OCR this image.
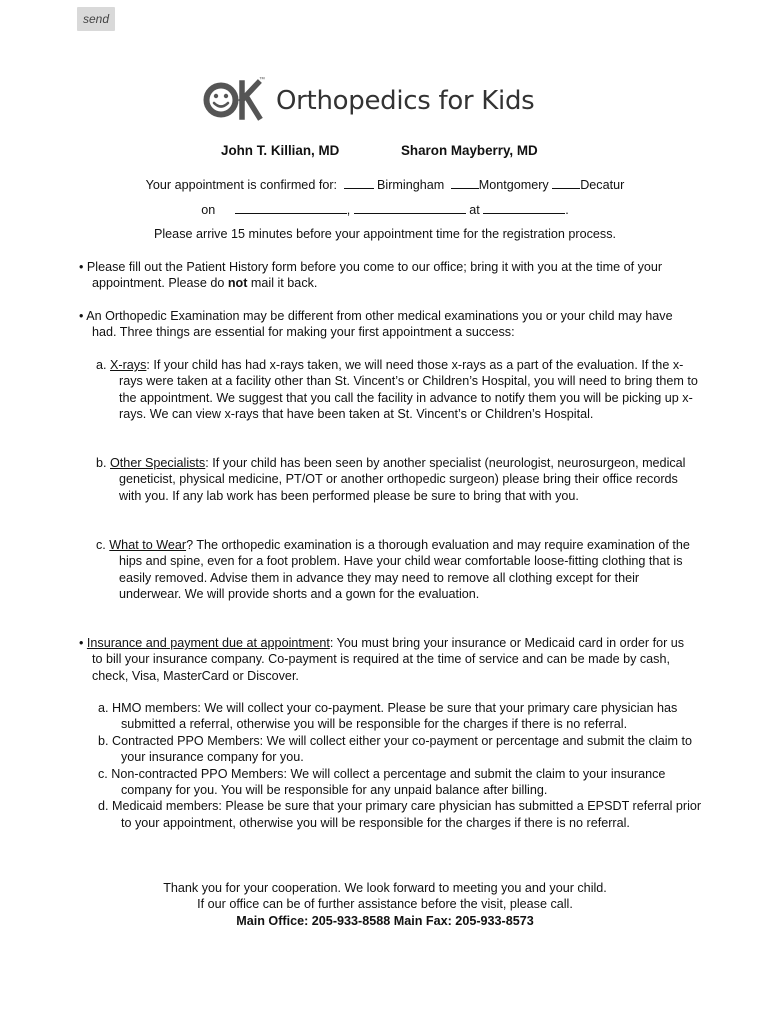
send
™
Orthopedics for Kids
John T. Killian, MD	Sharon Mayberry, MD
Your appointment is confirmed for:	Birmingham	Montgomery	Decatur
on	,	at	.
Please arrive 15 minutes before your appointment time for the registration process.

• Please fill out the Patient History form before you come to our office; bring it with you at the time of your appointment. Please do not mail it back.

• An Orthopedic Examination may be different from other medical examinations you or your child may have had. Three things are essential for making your first appointment a success:

a. X-rays: If your child has had x-rays taken, we will need those x-rays as a part of the evaluation. If the x-rays were taken at a facility other than St. Vincent’s or Children’s Hospital, you will need to bring them to the appointment. We suggest that you call the facility in advance to notify them you will be picking up x-rays. We can view x-rays that have been taken at St. Vincent’s or Children’s Hospital.

b. Other Specialists: If your child has been seen by another specialist (neurologist, neurosurgeon, medical geneticist, physical medicine, PT/OT or another orthopedic surgeon) please bring their office records with you. If any lab work has been performed please be sure to bring that with you.

c. What to Wear? The orthopedic examination is a thorough evaluation and may require examination of the hips and spine, even for a foot problem. Have your child wear comfortable loose-fitting clothing that is easily removed. Advise them in advance they may need to remove all clothing except for their underwear. We will provide shorts and a gown for the evaluation.

• Insurance and payment due at appointment: You must bring your insurance or Medicaid card in order for us to bill your insurance company. Co-payment is required at the time of service and can be made by cash, check, Visa, MasterCard or Discover.

a. HMO members: We will collect your co-payment. Please be sure that your primary care physician has submitted a referral, otherwise you will be responsible for the charges if there is no referral.

b. Contracted PPO Members: We will collect either your co-payment or percentage and submit the claim to your insurance company for you.

c. Non-contracted PPO Members: We will collect a percentage and submit the claim to your insurance company for you. You will be responsible for any unpaid balance after billing.

d. Medicaid members: Please be sure that your primary care physician has submitted a EPSDT referral prior to your appointment, otherwise you will be responsible for the charges if there is no referral.

Thank you for your cooperation. We look forward to meeting you and your child.

If our office can be of further assistance before the visit, please call.

Main Office: 205-933-8588 Main Fax: 205-933-8573
